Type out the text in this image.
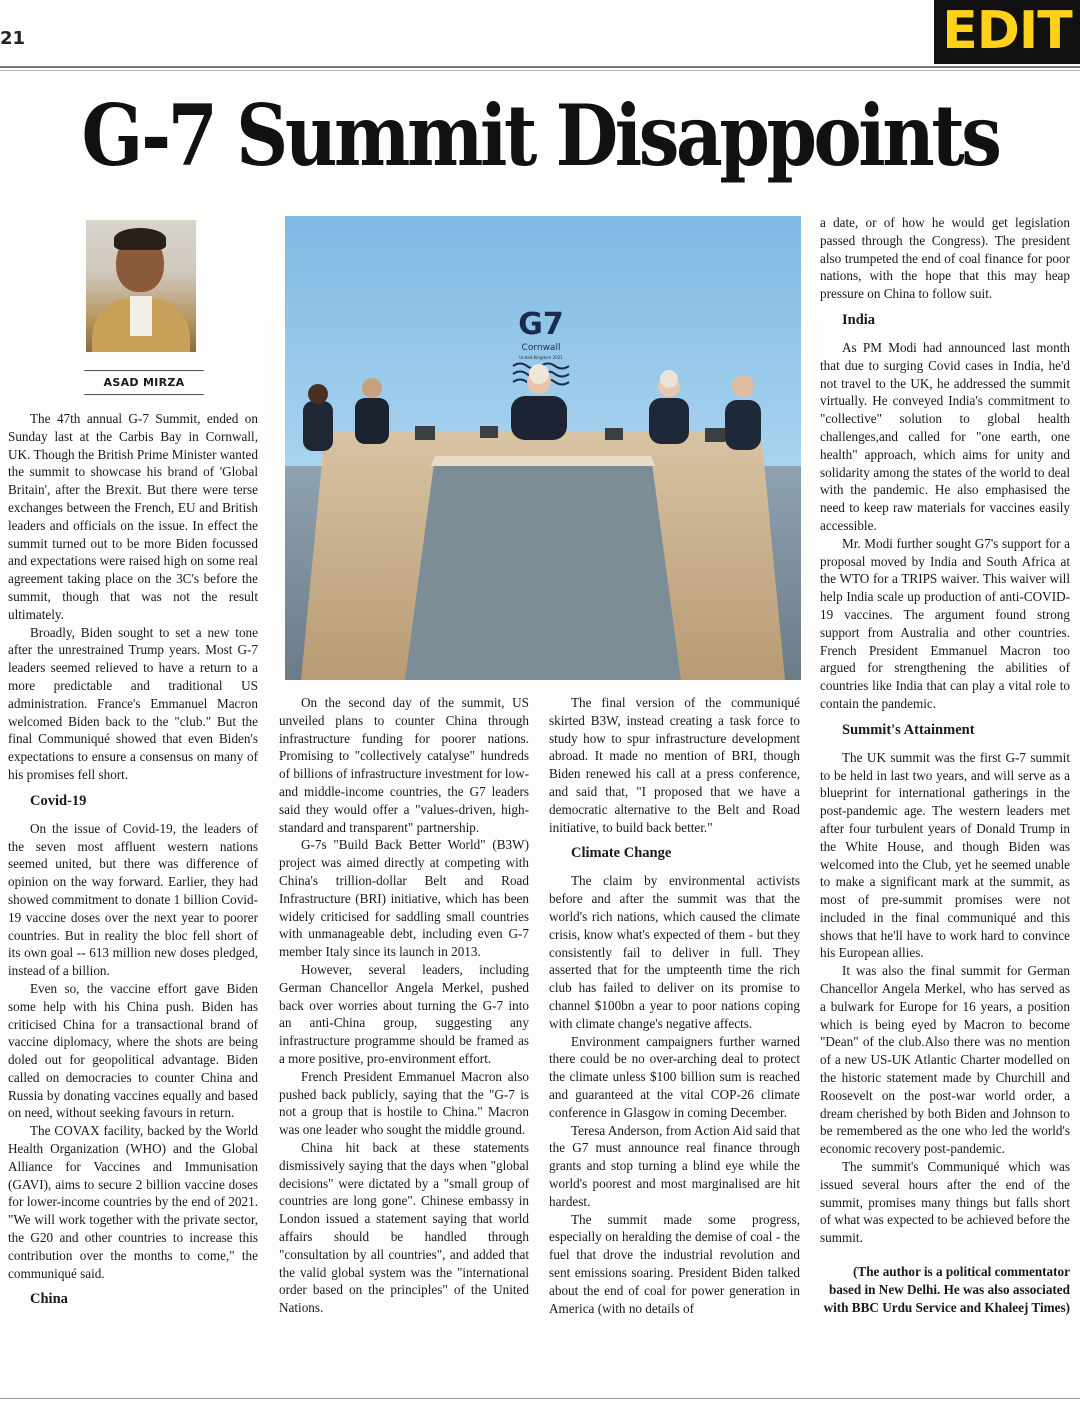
21	EDIT
G-7 Summit Disappoints
ASAD MIRZA

The 47th annual G-7 Summit, ended on Sunday last at the Carbis Bay in Cornwall, UK. Though the British Prime Minister wanted the summit to showcase his brand of 'Global Britain', after the Brexit. But there were terse exchanges between the French, EU and British leaders and officials on the issue. In effect the summit turned out to be more Biden focussed and expectations were raised high on some real agreement taking place on the 3C's before the summit, though that was not the result ultimately.

Broadly, Biden sought to set a new tone after the unrestrained Trump years. Most G-7 leaders seemed relieved to have a return to a more predictable and traditional US administration. France's Emmanuel Macron welcomed Biden back to the "club." But the final Communiqué showed that even Biden's expectations to ensure a consensus on many of his promises fell short.

Covid-19

On the issue of Covid-19, the leaders of the seven most affluent western nations seemed united, but there was difference of opinion on the way forward. Earlier, they had showed commitment to donate 1 billion Covid-19 vaccine doses over the next year to poorer countries. But in reality the bloc fell short of its own goal -- 613 million new doses pledged, instead of a billion.

Even so, the vaccine effort gave Biden some help with his China push. Biden has criticised China for a transactional brand of vaccine diplomacy, where the shots are being doled out for geopolitical advantage. Biden called on democracies to counter China and Russia by donating vaccines equally and based on need, without seeking favours in return.

The COVAX facility, backed by the World Health Organization (WHO) and the Global Alliance for Vaccines and Immunisation (GAVI), aims to secure 2 billion vaccine doses for lower-income countries by the end of 2021. "We will work together with the private sector, the G20 and other countries to increase this contribution over the months to come," the communiqué said.

China
G7
Cornwall
United Kingdom 2021

On the second day of the summit, US unveiled plans to counter China through infrastructure funding for poorer nations. Promising to "collectively catalyse" hundreds of billions of infrastructure investment for low- and middle-income countries, the G7 leaders said they would offer a "values-driven, high-standard and transparent" partnership.

G-7s "Build Back Better World" (B3W) project was aimed directly at competing with China's trillion-dollar Belt and Road Infrastructure (BRI) initiative, which has been widely criticised for saddling small countries with unmanageable debt, including even G-7 member Italy since its launch in 2013.

However, several leaders, including German Chancellor Angela Merkel, pushed back over worries about turning the G-7 into an anti-China group, suggesting any infrastructure programme should be framed as a more positive, pro-environment effort.

French President Emmanuel Macron also pushed back publicly, saying that the "G-7 is not a group that is hostile to China." Macron was one leader who sought the middle ground.

China hit back at these statements dismissively saying that the days when "global decisions" were dictated by a "small group of countries are long gone". Chinese embassy in London issued a statement saying that world affairs should be handled through "consultation by all countries", and added that the valid global system was the "international order based on the principles" of the United Nations.

The final version of the communiqué skirted B3W, instead creating a task force to study how to spur infrastructure development abroad. It made no mention of BRI, though Biden renewed his call at a press conference, and said that, "I proposed that we have a democratic alternative to the Belt and Road initiative, to build back better."

Climate Change

The claim by environmental activists before and after the summit was that the world's rich nations, which caused the climate crisis, know what's expected of them - but they consistently fail to deliver in full. They asserted that for the umpteenth time the rich club has failed to deliver on its promise to channel $100bn a year to poor nations coping with climate change's negative affects.

Environment campaigners further warned there could be no over-arching deal to protect the climate unless $100 billion sum is reached and guaranteed at the vital COP-26 climate conference in Glasgow in coming December.

Teresa Anderson, from Action Aid said that the G7 must announce real finance through grants and stop turning a blind eye while the world's poorest and most marginalised are hit hardest.

The summit made some progress, especially on heralding the demise of coal - the fuel that drove the industrial revolution and sent emissions soaring. President Biden talked about the end of coal for power generation in America (with no details of

a date, or of how he would get legislation passed through the Congress). The president also trumpeted the end of coal finance for poor nations, with the hope that this may heap pressure on China to follow suit.

India

As PM Modi had announced last month that due to surging Covid cases in India, he'd not travel to the UK, he addressed the summit virtually. He conveyed India's commitment to "collective" solution to global health challenges,and called for "one earth, one health" approach, which aims for unity and solidarity among the states of the world to deal with the pandemic. He also emphasised the need to keep raw materials for vaccines easily accessible.

Mr. Modi further sought G7's support for a proposal moved by India and South Africa at the WTO for a TRIPS waiver. This waiver will help India scale up production of anti-COVID-19 vaccines. The argument found strong support from Australia and other countries. French President Emmanuel Macron too argued for strengthening the abilities of countries like India that can play a vital role to contain the pandemic.

Summit's Attainment

The UK summit was the first G-7 summit to be held in last two years, and will serve as a blueprint for international gatherings in the post-pandemic age. The western leaders met after four turbulent years of Donald Trump in the White House, and though Biden was welcomed into the Club, yet he seemed unable to make a significant mark at the summit, as most of pre-summit promises were not included in the final communiqué and this shows that he'll have to work hard to convince his European allies.

It was also the final summit for German Chancellor Angela Merkel, who has served as a bulwark for Europe for 16 years, a position which is being eyed by Macron to become "Dean" of the club.Also there was no mention of a new US-UK Atlantic Charter modelled on the historic statement made by Churchill and Roosevelt on the post-war world order, a dream cherished by both Biden and Johnson to be remembered as the one who led the world's economic recovery post-pandemic.

The summit's Communiqué which was issued several hours after the end of the summit, promises many things but falls short of what was expected to be achieved before the summit.

(The author is a political commentator based in New Delhi. He was also associated with BBC Urdu Service and Khaleej Times)
